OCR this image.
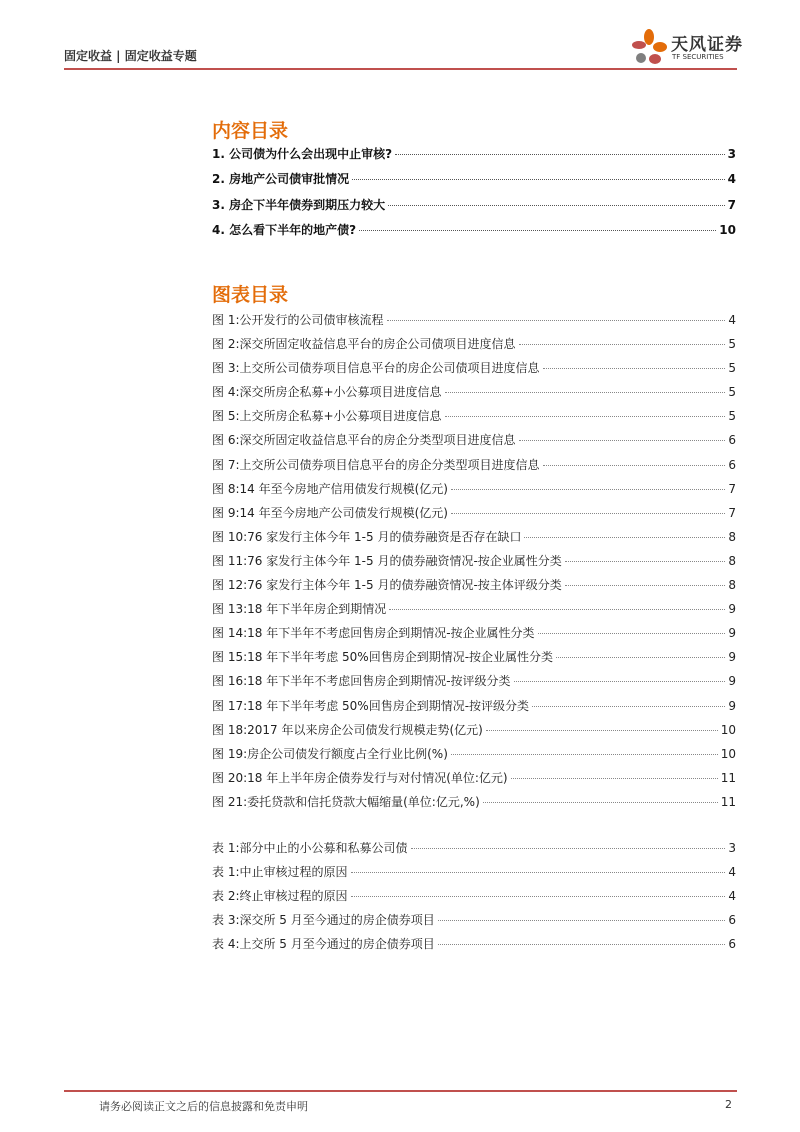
固定收益 | 固定收益专题
天风证券
TF SECURITIES
内容目录
1. 公司债为什么会出现中止审核?	3
2. 房地产公司债审批情况	4
3. 房企下半年债券到期压力较大	7
4. 怎么看下半年的地产债?	10
图表目录
图 1:公开发行的公司债审核流程	4
图 2:深交所固定收益信息平台的房企公司债项目进度信息	5
图 3:上交所公司债券项目信息平台的房企公司债项目进度信息	5
图 4:深交所房企私募+小公募项目进度信息	5
图 5:上交所房企私募+小公募项目进度信息	5
图 6:深交所固定收益信息平台的房企分类型项目进度信息	6
图 7:上交所公司债券项目信息平台的房企分类型项目进度信息	6
图 8:14 年至今房地产信用债发行规模(亿元)	7
图 9:14 年至今房地产公司债发行规模(亿元)	7
图 10:76 家发行主体今年 1-5 月的债券融资是否存在缺口	8
图 11:76 家发行主体今年 1-5 月的债券融资情况-按企业属性分类	8
图 12:76 家发行主体今年 1-5 月的债券融资情况-按主体评级分类	8
图 13:18 年下半年房企到期情况	9
图 14:18 年下半年不考虑回售房企到期情况-按企业属性分类	9
图 15:18 年下半年考虑 50%回售房企到期情况-按企业属性分类	9
图 16:18 年下半年不考虑回售房企到期情况-按评级分类	9
图 17:18 年下半年考虑 50%回售房企到期情况-按评级分类	9
图 18:2017 年以来房企公司债发行规模走势(亿元)	10
图 19:房企公司债发行额度占全行业比例(%)	10
图 20:18 年上半年房企债券发行与对付情况(单位:亿元)	11
图 21:委托贷款和信托贷款大幅缩量(单位:亿元,%)	11
表 1:部分中止的小公募和私募公司债	3
表 1:中止审核过程的原因	4
表 2:终止审核过程的原因	4
表 3:深交所 5 月至今通过的房企债券项目	6
表 4:上交所 5 月至今通过的房企债券项目	6
请务必阅读正文之后的信息披露和免责申明	2
